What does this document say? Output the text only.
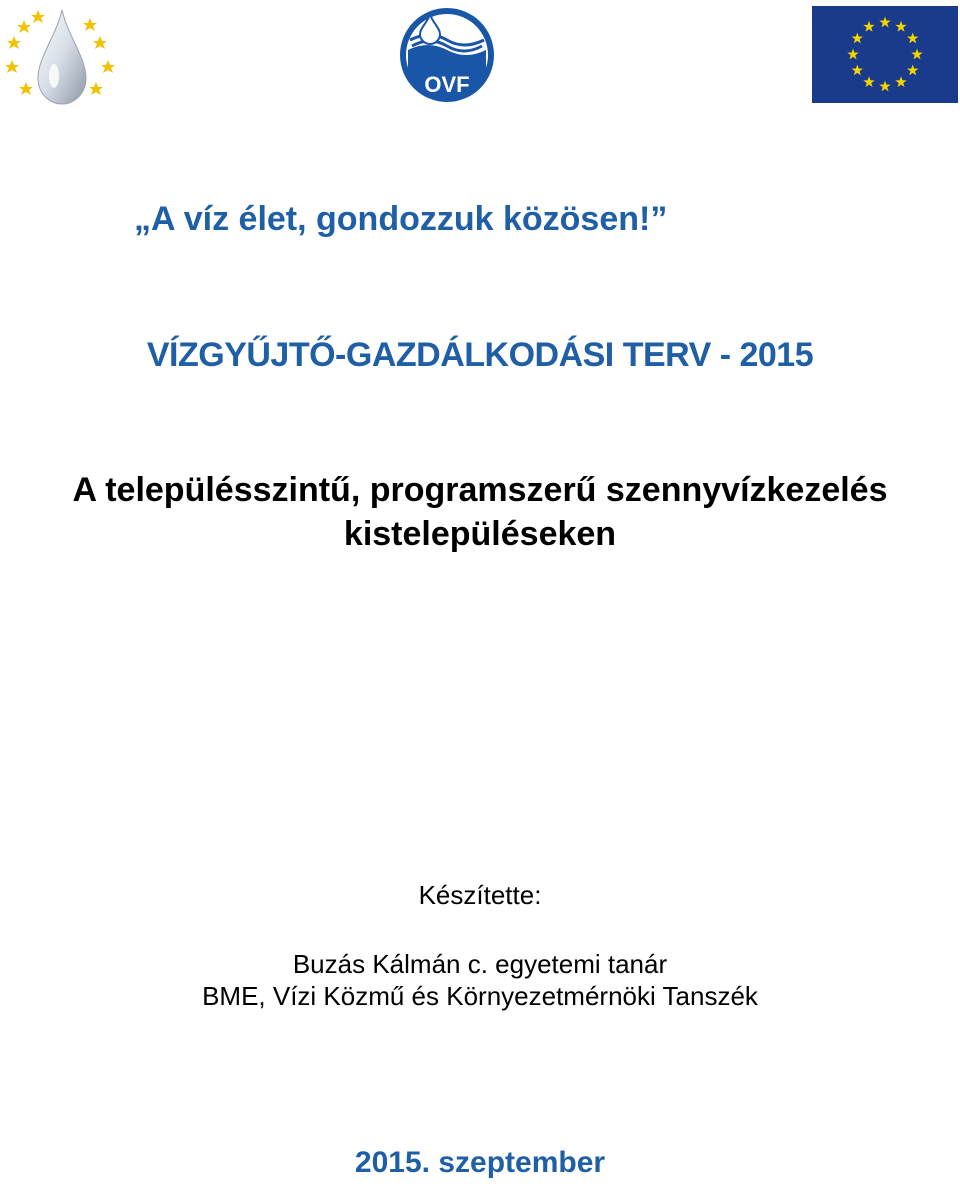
OVF
„A víz élet, gondozzuk közösen!”
VÍZGYŰJTŐ-GAZDÁLKODÁSI TERV - 2015
A településszintű, programszerű szennyvízkezelés
kistelepüléseken
Készítette:
Buzás Kálmán c. egyetemi tanár
BME, Vízi Közmű és Környezetmérnöki Tanszék
2015. szeptember
